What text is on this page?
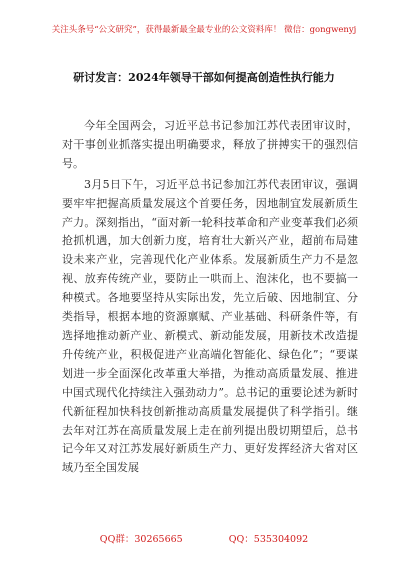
关注头条号“公文研究”，获得最新最全最专业的公文资料库！ 微信：gongwenyj
研讨发言：2024年领导干部如何提高创造性执行能力

今年全国两会，习近平总书记参加江苏代表团审议时，对干事创业抓落实提出明确要求，释放了拼搏实干的强烈信号。

3月5日下午，习近平总书记参加江苏代表团审议，强调要牢牢把握高质量发展这个首要任务，因地制宜发展新质生产力。深刻指出，“面对新一轮科技革命和产业变革我们必须抢抓机遇，加大创新力度，培育壮大新兴产业，超前布局建设未来产业，完善现代化产业体系。发展新质生产力不是忽视、放弃传统产业，要防止一哄而上、泡沫化，也不要搞一种模式。各地要坚持从实际出发，先立后破、因地制宜、分类指导，根据本地的资源禀赋、产业基础、科研条件等，有选择地推动新产业、新模式、新动能发展，用新技术改造提升传统产业，积极促进产业高端化智能化、绿色化”；“要谋划进一步全面深化改革重大举措，为推动高质量发展、推进中国式现代化持续注入强劲动力”。总书记的重要论述为新时代新征程加快科技创新推动高质量发展提供了科学指引。继去年对江苏在高质量发展上走在前列提出殷切期望后，总书记今年又对江苏发展好新质生产力、更好发挥经济大省对区域乃至全国发展

QQ群：30265665	QQ：535304092
